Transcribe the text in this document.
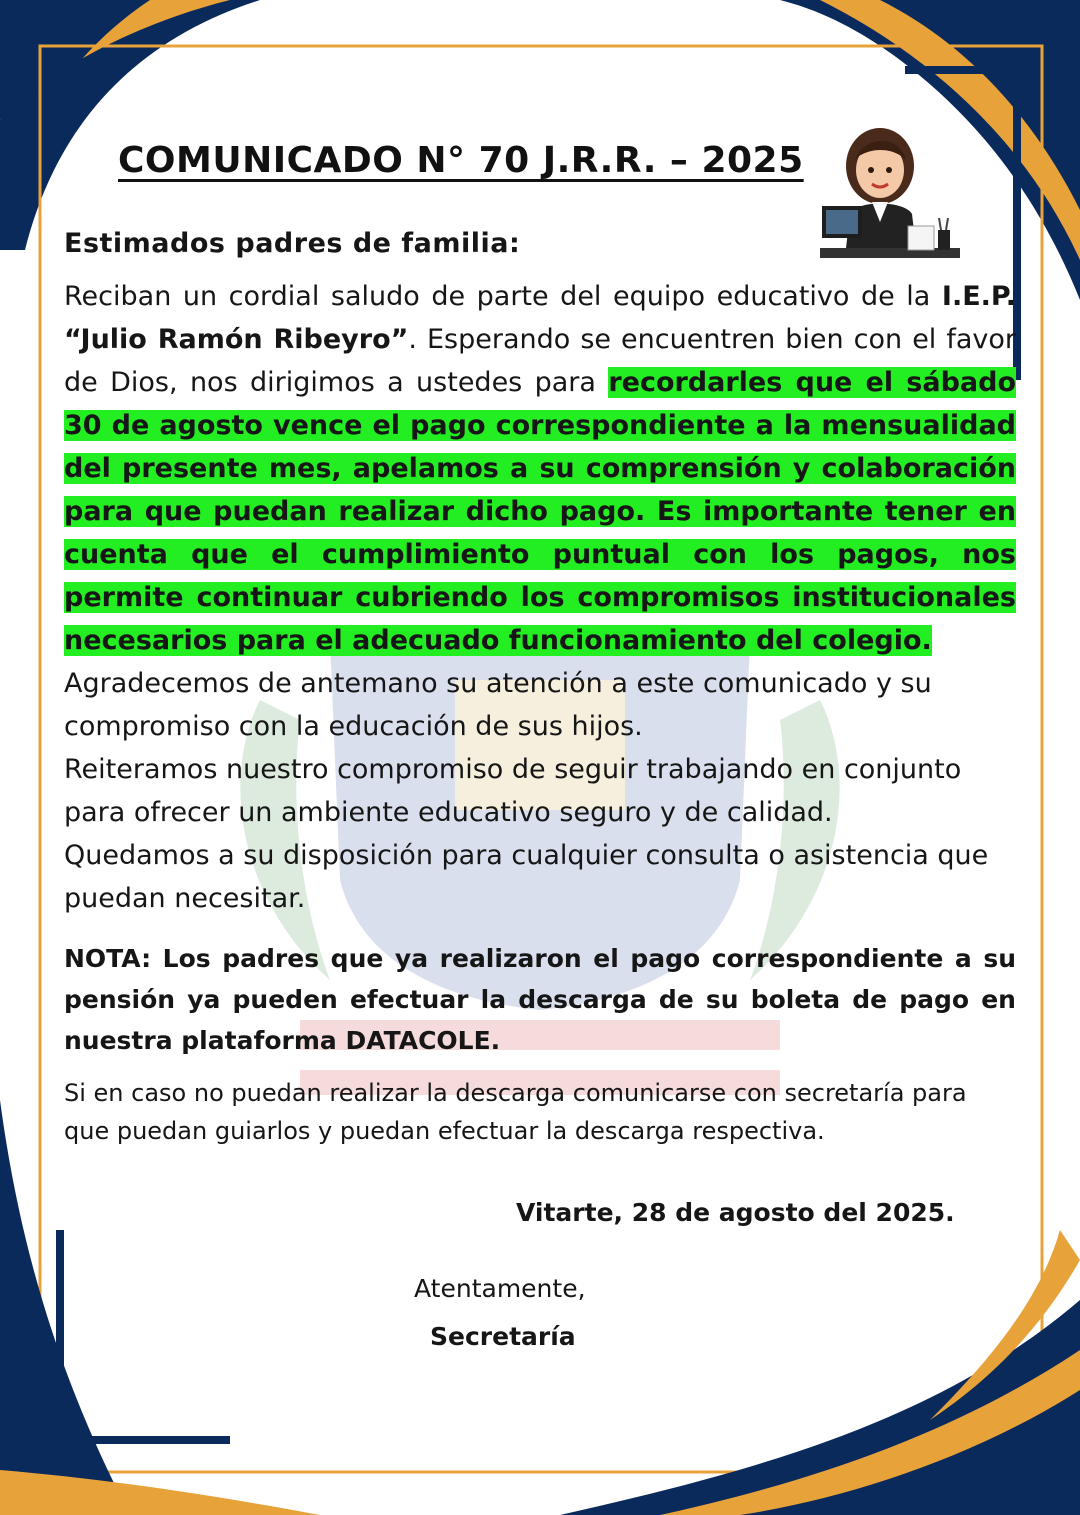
COMUNICADO N° 70 J.R.R. – 2025

Estimados padres de familia:

Reciban un cordial saludo de parte del equipo educativo de la I.E.P. “Julio Ramón Ribeyro”. Esperando se encuentren bien con el favor de Dios, nos dirigimos a ustedes para recordarles que el sábado 30 de agosto vence el pago correspondiente a la mensualidad del presente mes, apelamos a su comprensión y colaboración para que puedan realizar dicho pago. Es importante tener en cuenta que el cumplimiento puntual con los pagos, nos permite continuar cubriendo los compromisos institucionales necesarios para el adecuado funcionamiento del colegio.

Agradecemos de antemano su atención a este comunicado y su compromiso con la educación de sus hijos.

Reiteramos nuestro compromiso de seguir trabajando en conjunto para ofrecer un ambiente educativo seguro y de calidad.

Quedamos a su disposición para cualquier consulta o asistencia que puedan necesitar.

NOTA: Los padres que ya realizaron el pago correspondiente a su pensión ya pueden efectuar la descarga de su boleta de pago en nuestra plataforma DATACOLE.

Si en caso no puedan realizar la descarga comunicarse con secretaría para que puedan guiarlos y puedan efectuar la descarga respectiva.

Vitarte, 28 de agosto del 2025.

Atentamente,

Secretaría
